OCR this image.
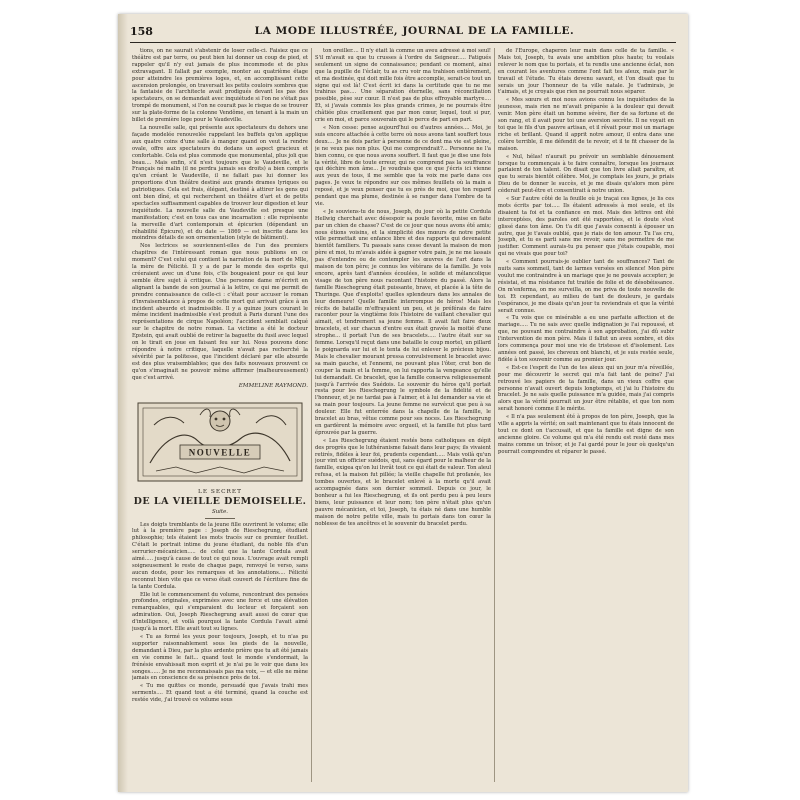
158	LA MODE ILLUSTRÉE, JOURNAL DE LA FAMILLE.

tions, on ne saurait s'abstenir de loser celle-ci. Faisiez que ce théâtre est par terre, ou peut bien lui donner un coup de pied, et rappeler qu'il n'y eut jamais de plus incommode et de plus extravagant. Il fallait par exemple, monter au quatrième étage pour atteindre les premières loges, et, en accomplissant cette ascension prolongée, on traversait les petits couloirs sombres que la fantaisie de l'architecte avait prodigués devant les pas des spectateurs, on se demandait avec inquiétude si l'on ne s'était pas trompé de monument, si l'on ne courait pas le risque de se trouver sur la plate-forme de la colonne Vendôme, en tenant à la main un billet de première loge pour le Vaudeville.

La nouvelle salle, qui présente aux spectateurs du dehors une façade modelée renouvelée rappelant les buffets qu'on applique aux quatre coins d'une salle à manger quand on veut la rendre ovale, offre aux spectateurs du dedans un aspect gracieux et confortable. Cela est plus commode que monumental, plus joli que beau.... Mais enfin, s'il n'est toujours que le Vaudeville, et le Français né malin (il ne perdra jamais ses droits) a bien compris qu'en créant le Vaudeville, il ne fallait pas lui donner les proportions d'un théâtre destiné aux grands drames lyriques ou patriotiques. Cela est frais, élégant, destiné à attirer les gens qui ont bien dîné, et qui recherchent un théâtre d'art et de petits spectacles suffisamment capables de trouver leur digestion et leur inquiétude. La nouvelle salle du Vaudeville est presque une manifestation; c'est en tous cas une incarnation : elle représente la merveille d'art contemporain et épicurien (dépendant un réhabilité Épicure), et du date — 1869 — est inscrite dans les moindres détails de son ornementation (style de bâtiment).

Nos lectrices se souviennent-elles de l'un des premiers chapitres de l'intéressant roman que nous publions en ce moment? C'est celui qui contient la narration de la mort de Mlle, la mère de Félicité. Il y a de par le monde des esprits qui créeraient avec un d'une fois, c'ils bougeaient pour ce qui leur semble être sujet à critique. Une personne dame m'écrivit en alignant la bande de son journal à la lettre, ce qui me permit de prendre connaissance de celle-ci : c'était pour accuser le roman d'invraisemblance à propos de cette mort qui arrivait grâce à un incident absurde et inadmissible. Il y a quinze jours courant le même incident inadmissible s'est produit à Paris durant l'une des représentations de cirque Napoléon; l'accident semblait calqué sur le chapitre de notre roman. La victime a été le docteur Epstein, qui avait oublié de retirer la baguette du fusil avec lequel on le tirait en joue en faisant feu sur lui. Nous pouvons donc répondre à notre critique, laquelle n'avait pas recherché la sévérité par la politesse, que l'incident déclaré par elle absurde est des plus vraisemblables; que des faits nouveaux prouvent ce qu'on s'imaginait ne pouvoir même affirmer (malheureusement) que c'est arrivé.

EMMELINE RAYMOND.

NOUVELLE
LE SECRET
DE LA VIEILLE DEMOISELLE.
Suite.

Les doigts tremblants de la jeune fille ouvrirent le volume; elle lut à la première page : Joseph de Rieschegrung, étudiant philosophie; tels étaient les mots tracés sur ce premier feuillet. C'était le portrait intime du jeune étudiant, du noble fils d'un serrurier-mécanicien..... de celui que la tante Cordula avait aimé..... jusqu'à cause de tout ce qui nous. L'ouvrage avait rempli soigneusement le reste de chaque page, renvoyé le verso, sans aucun doute, pour les remarques et les annotations.... Félicité reconnut bien vite que ce verso était couvert de l'écriture fine de la tante Cordula.

Elle lut le commencement du volume, rencontrant des pensées profondes, originales, exprimées avec une force et une élévation remarquables, qui s'emparaient du lecteur et forçaient son admiration. Oui, Joseph Rieschegrung avait aussi de cœur que d'intelligence, et voilà pourquoi la tante Cordula l'avait aimé jusqu'à la mort. Elle avait tout su lignes.

« Tu as formé les yeux pour toujours, Joseph, et tu n'as pu supporter raisonnablement sous les pieds de la nouvelle, demandant à Dieu, par la plus ardente prière que tu ait été jamais en vie comme le fait... quand tout le monde s'endormait, la frénésie envahissait mon esprit et je n'ai pu le voir que dans les songes...... Je ne me reconnaissais pas ma voix, — et elle ne mène jamais en conscience de sa présence près de toi.

« Tu me quittes ce monde, persuadé que j'avais trahi mes serments.... Et quand tout a été terminé, quand la couche est restée vide, j'ai trouvé ce volume sous

ton oreiller.... Il n'y était là comme un aveu adressé à moi seul! S'il m'avait su que tu crusses à l'ordre du Seigneur..... Fatigués seulement un signe de connaissance; pendant ce moment, ainsi que la pupille de l'éclair, tu as cru voir ma trahison entièrement, et ma destinée, qui doit mille fois être accomplie, serait-ce tout un signe qui est là! C'est écrit ici dans la certitude que tu ne me trahiras pas.... Une séparation éternelle, sans réconciliation possible, pèse sur cœur. Il n'est pas de plus effroyable martyre.... Et, si j'avais commis les plus grands crimes, je ne pourrais être châtiée plus cruellement que par mon cœur, lequel, tout si pur, crie en moi, et parce souverain qui le perce de part en part.

« Non cesse: pense aujourd'hui ou d'autres années.... Moi, je suis encore attachée à cette terre où nous avons tant souffert tous deux.... Je ne dois parler à personne de ce dont ma vie est pleine, je ne veux pas non plus. Qui me comprendrait?... Personne ne l'a bien connu, ce que nous avons souffert. Il faut que je dise une fois la vérité, libre de toute erreur, qui ne comprend pas la souffrance qui déchire mon âme... Je voudrais que ce que j'écris ici vienne aux yeux de tous, il me semble que ta voix me parle dans ces pages. Je veux te répondre sur ces mêmes feuillets où la main a reposé, et je veux penser que tu es près de moi, que ton regard pendant que ma plume, destinée à se ranger dans l'ombre de ta vie.

« Je souviens-tu de nous, Joseph, du jour où la petite Cordula Hellwig cherchait avec désespoir sa poule favorite, mise en faite par un chien de chasse? C'est de ce jour que nous avons été amis; nous étions voisins, et la simplicité des mœurs de notre petite ville permettait une enfance libre et des rapports qui devenaient bientôt familiers. Tu passais sans cesse devant la maison de mon père et moi, tu m'avais aidée à gagner votre pain, je ne me lassais pas d'entendre ou de contempler les œuvres de l'art dans la maison de ton père; je connus les vétérans de la famille. Je vois encore, après tant d'années écoulées, le solide et mélancolique visage de ton père nous racontant l'histoire du passé. Alors la famille Rieschegrung était puissante, brave, et placée à la tête de Thuringe. Que d'exploits! quelles splendeurs dans les annales de leur demeure! Quelle famille interrompue de héros! Mais les récits de bataille m'effrayaient un peu, et je préférais de faire raconter pour la vingtième fois l'histoire de vaillant chevalier qui aimait, et tendrement sa jeune femme. Il avait fait faire deux bracelets, et sur chacun d'entre eux était gravée la moitié d'une strophe... il portait l'un de ses bracelets..... l'autre était sur sa femme. Lorsqu'il reçut dans une bataille le coup mortel, un pillard le poignarda sur lui et le tenta de lui enlever le précieux bijou. Mais le chevalier mourant pressa convulsivement le bracelet avec sa main gauche, et l'ennemi, ne pouvant plus l'ôter, crut bon de couper la main et la femme, on lui rapporta la vengeance qu'elle lui demandait. Ce bracelet, que la famille conserva religieusement jusqu'à l'arrivée des Suédois. Le souvenir du héros qu'il portait resta pour les Rieschegrung le symbole de la fidélité et de l'honneur, et je ne tardai pas à l'aimer, et à lui demander sa vie et sa main pour toujours. La jeune femme ne survécut que peu à sa douleur. Elle fut enterrée dans la chapelle de la famille, le bracelet au bras, vêtue comme pour ses noces. Les Rieschegrung en gardèrent la mémoire avec orgueil, et la famille fut plus tard éprouvée par la guerre.

« Les Rieschegrung étaient restés bons catholiques en dépit des progrès que le luthéranisme faisait dans leur pays; ils vivaient retirés, fidèles à leur foi, prudents cependant..... Mais voilà qu'un jour vint un officier suédois, qui, sans égard pour le malheur de la famille, exigea qu'on lui livrât tout ce qui était de valeur. Ton aïeul refusa, et la maison fut pillée; la vieille chapelle fut profanée, les tombes ouvertes, et le bracelet enlevé à la morte qu'il avait accompagnée dans son dernier sommeil. Depuis ce jour, le bonheur a fui les Rieschegrung, et ils ont perdu peu à peu leurs biens, leur puissance et leur nom; ton père n'était plus qu'un pauvre mécanicien, et toi, Joseph, tu étais né dans une humble maison de notre petite ville, mais tu portais dans ton cœur la noblesse de tes ancêtres et le souvenir du bracelet perdu.

de l'Europe, chaperon leur main dans celle de ta famille. « Mais toi, Joseph, tu avais une ambition plus haute; tu voulais relever le nom que tu portais, et tu rendis une ancienne éclat, non en courant les aventures comme l'ont fait tes aïeux, mais par le travail et l'étude. Tu étais devenu savant, et l'on disait que tu serais un jour l'honneur de ta ville natale. Je t'admirais, je t'aimais, et je croyais que rien ne pourrait nous séparer.

« Mes sœurs et moi nous avions connu les inquiétudes de la jeunesse, mais rien ne m'avait préparée à la douleur qui devait venir. Mon père était un homme sévère, fier de sa fortune et de son rang, et il avait pour toi une aversion secrète. Il ne voyait en toi que le fils d'un pauvre artisan, et il rêvait pour moi un mariage riche et brillant. Quand il apprit notre amour, il entra dans une colère terrible, il me défendit de te revoir, et il te fit chasser de la maison.

« Nul, hélas! n'aurait pu prévoir un semblable dénouement lorsque tu commençais à te faire connaître, lorsque les journaux parlaient de ton talent. On disait que ton livre allait paraître, et que tu serais bientôt célèbre. Moi, je comptais les jours, je priais Dieu de te donner le succès, et je me disais qu'alors mon père céderait peut-être et consentirait à notre union.

« Sur l'autre côté de la feuille où je traçai ces lignes, je lis ces mots écrits par toi..... Ils étaient adressés à moi seule, et ils disaient ta foi et ta confiance en moi. Mais des lettres ont été interceptées, des paroles ont été rapportées, et le doute s'est glissé dans ton âme. On t'a dit que j'avais consenti à épouser un autre, que je t'avais oublié, que je riais de ton amour. Tu l'as cru, Joseph, et tu es parti sans me revoir, sans me permettre de me justifier. Comment aurais-tu pu penser que j'étais coupable, moi qui ne vivais que pour toi?

« Comment pourrais-je oublier tant de souffrances? Tant de nuits sans sommeil, tant de larmes versées en silence! Mon père voulut me contraindre à un mariage que je ne pouvais accepter; je résistai, et ma résistance fut traitée de folie et de désobéissance. On m'enferma, on me surveilla, on me priva de toute nouvelle de toi. Et cependant, au milieu de tant de douleurs, je gardais l'espérance, je me disais qu'un jour tu reviendrais et que la vérité serait connue.

« Tu vois que ce misérable a eu une parfaite affection et de mariage..... Tu ne sais avec quelle indignation je l'ai repoussé, et que, ne pouvant me contraindre à son approbation, j'ai dû subir l'intervention de mon père. Mais il fallut un aveu sombre, et dès lors commença pour moi une vie de tristesse et d'isolement. Les années ont passé, les cheveux ont blanchi, et je suis restée seule, fidèle à ton souvenir comme au premier jour.

« Est-ce l'esprit de l'un de tes aïeux qui un jour m'a réveillée, pour me découvrir le secret qui m'a fait tant de peine? J'ai retrouvé les papiers de ta famille, dans un vieux coffre que personne n'avait ouvert depuis longtemps, et j'ai lu l'histoire du bracelet. Je ne sais quelle puissance m'a guidée, mais j'ai compris alors que la vérité pourrait un jour être rétablie, et que ton nom serait honoré comme il le mérite.

« Il n'a pas seulement été à propos de ton père, Joseph, que la ville a appris la vérité; on sait maintenant que tu étais innocent de tout ce dont on t'accusait, et que ta famille est digne de son ancienne gloire. Ce volume qui m'a été rendu est resté dans mes mains comme un trésor, et je l'ai gardé pour le jour où quelqu'un pourrait comprendre et réparer le passé.
